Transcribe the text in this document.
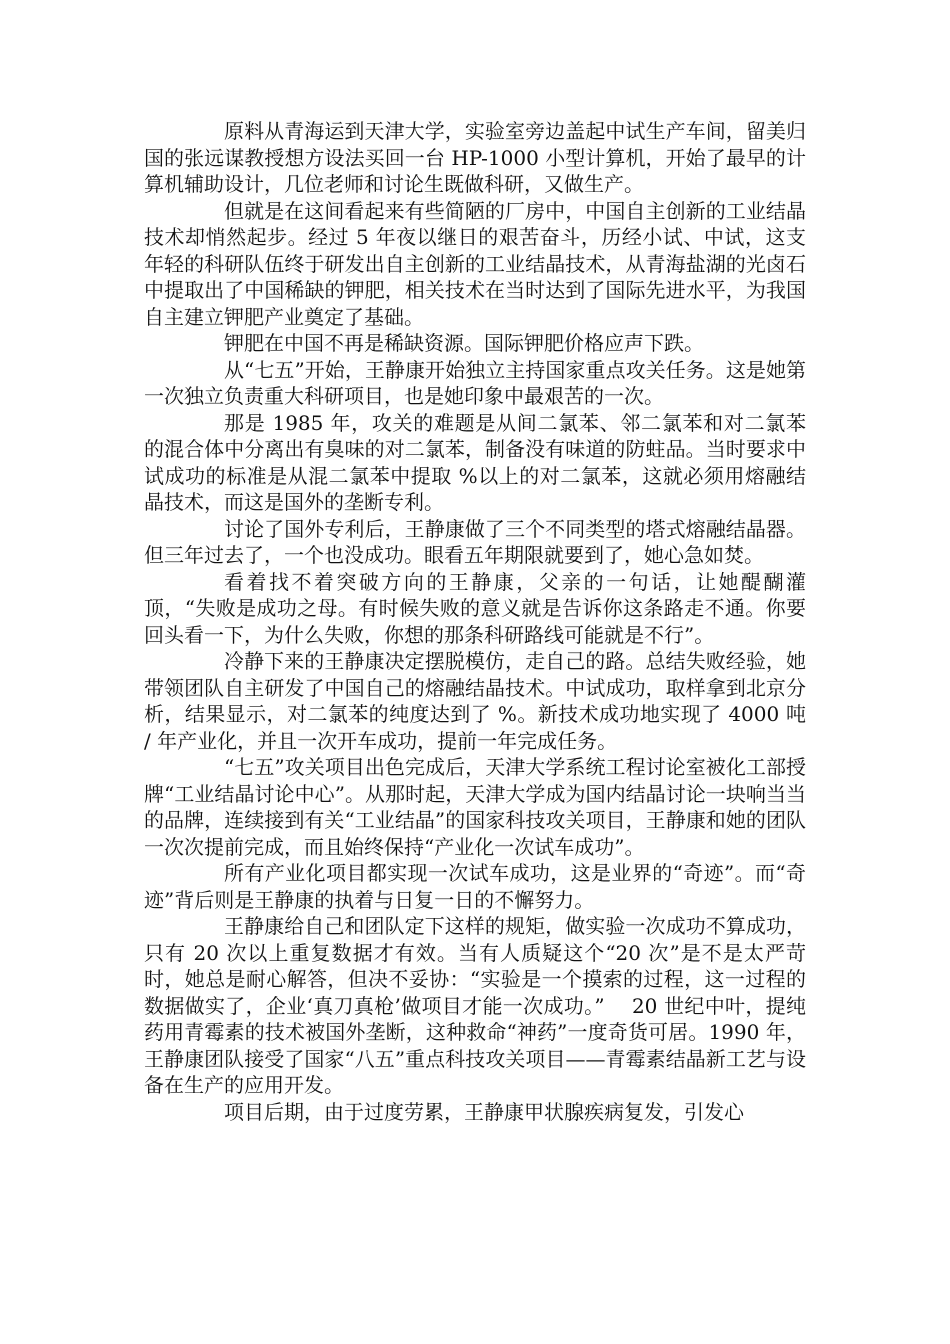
原料从青海运到天津大学，实验室旁边盖起中试生产车间，留美归国的张远谋教授想方设法买回一台 HP-1000 小型计算机，开始了最早的计算机辅助设计，几位老师和讨论生既做科研，又做生产。

但就是在这间看起来有些简陋的厂房中，中国自主创新的工业结晶技术却悄然起步。经过 5 年夜以继日的艰苦奋斗，历经小试、中试，这支年轻的科研队伍终于研发出自主创新的工业结晶技术，从青海盐湖的光卤石中提取出了中国稀缺的钾肥，相关技术在当时达到了国际先进水平，为我国自主建立钾肥产业奠定了基础。

钾肥在中国不再是稀缺资源。国际钾肥价格应声下跌。

从“七五”开始，王静康开始独立主持国家重点攻关任务。这是她第一次独立负责重大科研项目，也是她印象中最艰苦的一次。

那是 1985 年，攻关的难题是从间二氯苯、邻二氯苯和对二氯苯的混合体中分离出有臭味的对二氯苯，制备没有味道的防蛀品。当时要求中试成功的标准是从混二氯苯中提取 %以上的对二氯苯，这就必须用熔融结晶技术，而这是国外的垄断专利。

讨论了国外专利后，王静康做了三个不同类型的塔式熔融结晶器。但三年过去了，一个也没成功。眼看五年期限就要到了，她心急如焚。

看着找不着突破方向的王静康，父亲的一句话，让她醍醐灌顶，“失败是成功之母。有时候失败的意义就是告诉你这条路走不通。你要回头看一下，为什么失败，你想的那条科研路线可能就是不行”。

冷静下来的王静康决定摆脱模仿，走自己的路。总结失败经验，她带领团队自主研发了中国自己的熔融结晶技术。中试成功，取样拿到北京分析，结果显示，对二氯苯的纯度达到了 %。新技术成功地实现了 4000 吨 / 年产业化，并且一次开车成功，提前一年完成任务。

“七五”攻关项目出色完成后，天津大学系统工程讨论室被化工部授牌“工业结晶讨论中心”。从那时起，天津大学成为国内结晶讨论一块响当当的品牌，连续接到有关“工业结晶”的国家科技攻关项目，王静康和她的团队一次次提前完成，而且始终保持“产业化一次试车成功”。

所有产业化项目都实现一次试车成功，这是业界的“奇迹”。而“奇迹”背后则是王静康的执着与日复一日的不懈努力。

王静康给自己和团队定下这样的规矩，做实验一次成功不算成功，只有 20 次以上重复数据才有效。当有人质疑这个“20 次”是不是太严苛时，她总是耐心解答，但决不妥协：“实验是一个摸索的过程，这一过程的数据做实了，企业‘真刀真枪’做项目才能一次成功。”　 20 世纪中叶，提纯药用青霉素的技术被国外垄断，这种救命“神药”一度奇货可居。1990 年，王静康团队接受了国家“八五”重点科技攻关项目——青霉素结晶新工艺与设备在生产的应用开发。

项目后期，由于过度劳累，王静康甲状腺疾病复发，引发心
